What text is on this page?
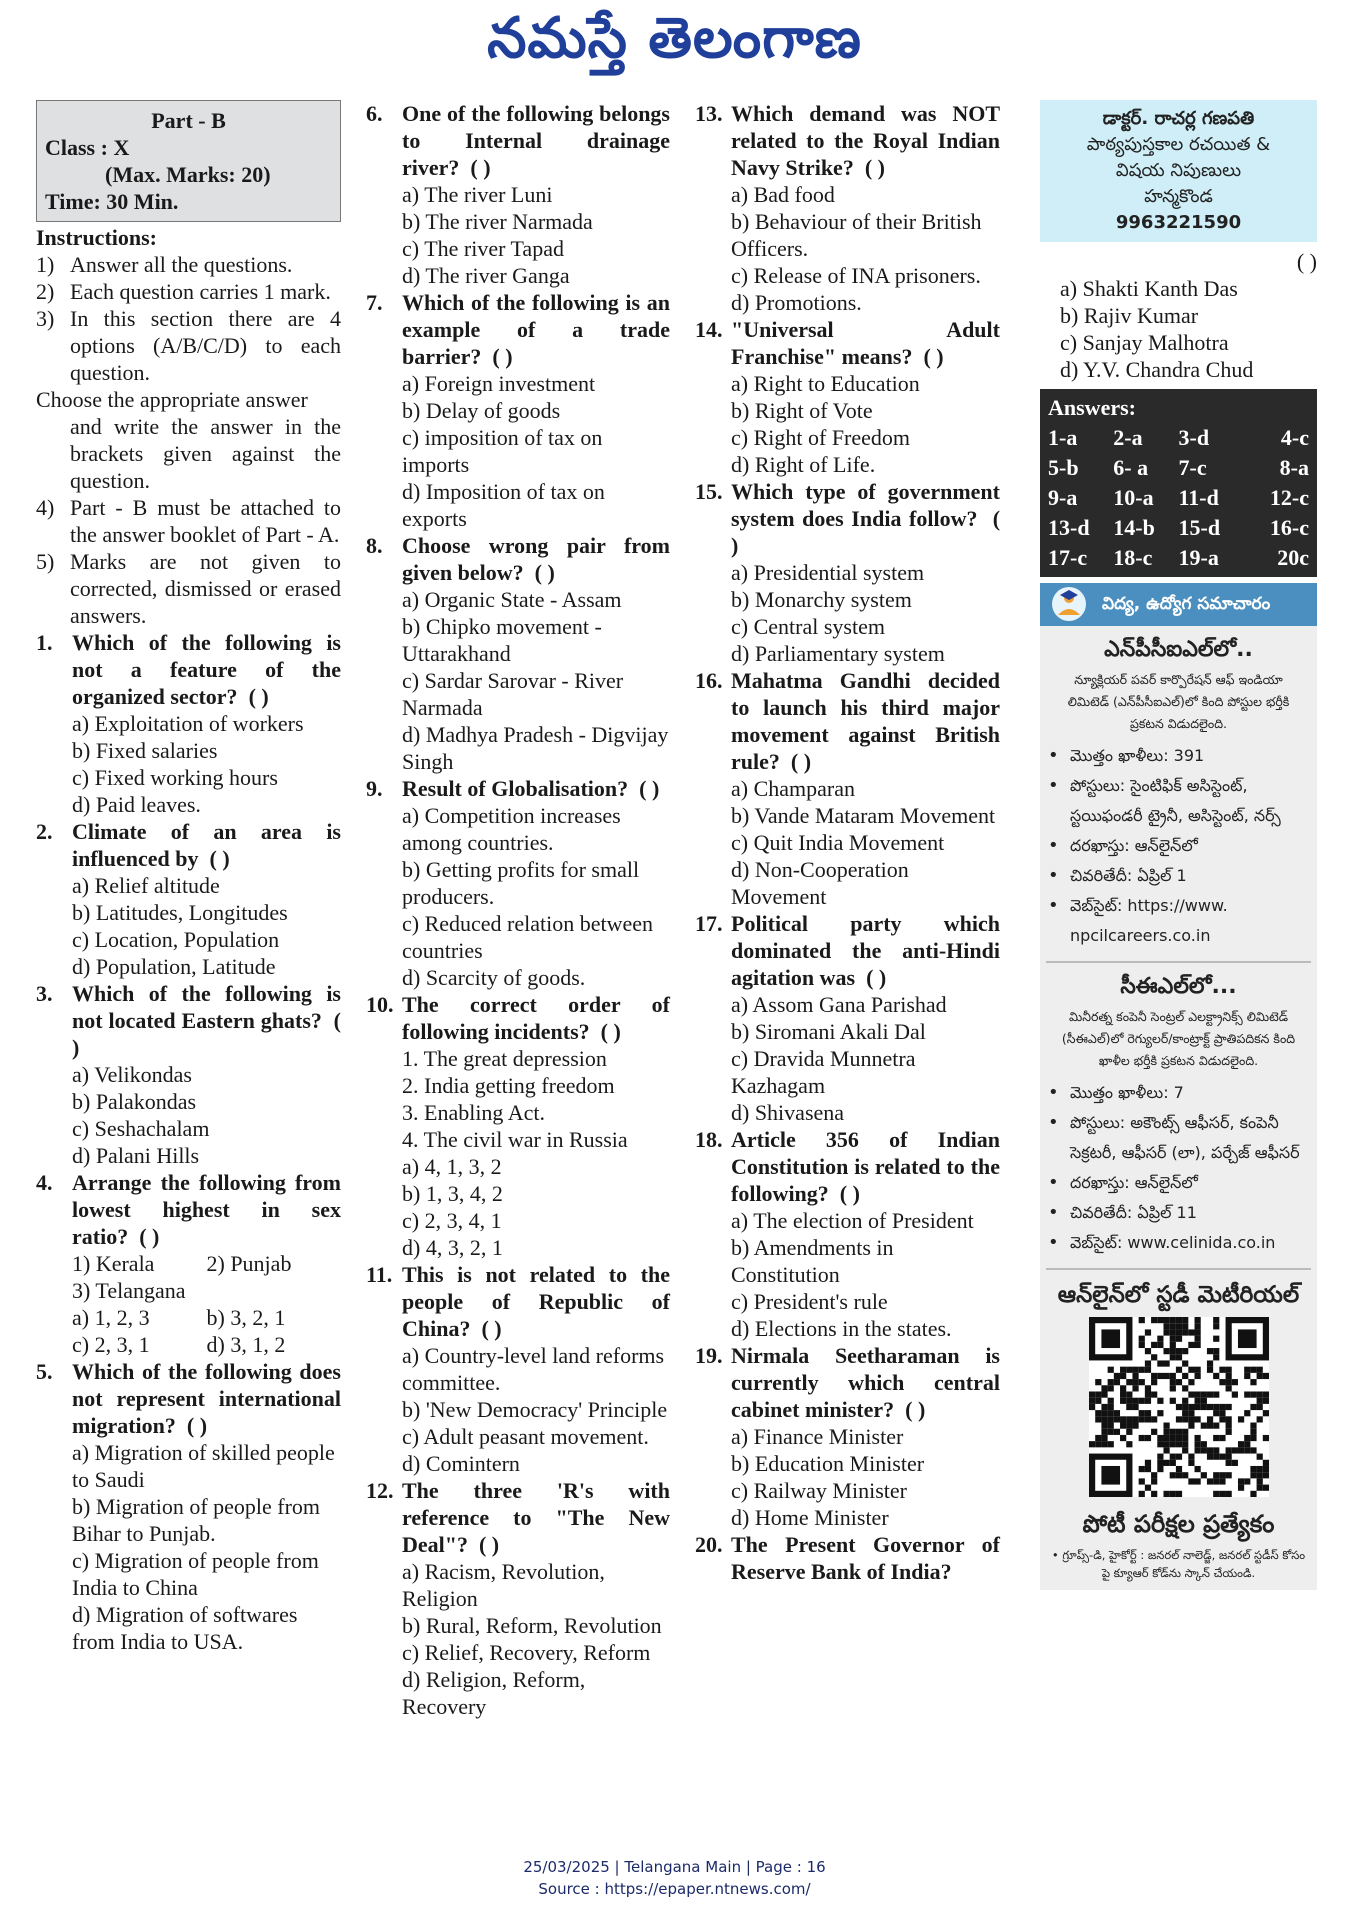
నమస్తే తెలంగాణ
Part - B
Class : X
(Max. Marks: 20)
Time: 30 Min.
Instructions:
1) Answer all the questions.
2) Each question carries 1 mark.
3) In this section there are 4 options (A/B/C/D) to each question.
Choose the appropriate answer
and write the answer in the brackets given against the question.
4) Part - B must be attached to the answer booklet of Part - A.
5) Marks are not given to corrected, dismissed or erased answers.
1. Which of the following is not a feature of the organized sector? ( )
a) Exploitation of workers
b) Fixed salaries
c) Fixed working hours
d) Paid leaves.
2. Climate of an area is influenced by ( )
a) Relief altitude
b) Latitudes, Longitudes
c) Location, Population
d) Population, Latitude
3. Which of the following is not located Eastern ghats? ( )
a) Velikondas
b) Palakondas
c) Seshachalam
d) Palani Hills
4. Arrange the following from lowest highest in sex ratio? ( )
1) Kerala	2) Punjab
3) Telangana
a) 1, 2, 3	b) 3, 2, 1
c) 2, 3, 1	d) 3, 1, 2
5. Which of the following does not represent international migration? ( )
a) Migration of skilled people to Saudi
b) Migration of people from Bihar to Punjab.
c) Migration of people from India to China
d) Migration of softwares from India to USA.
6. One of the following belongs to Internal drainage river? ( )
a) The river Luni
b) The river Narmada
c) The river Tapad
d) The river Ganga
7. Which of the following is an example of a trade barrier? ( )
a) Foreign investment
b) Delay of goods
c) imposition of tax on imports
d) Imposition of tax on exports
8. Choose wrong pair from given below? ( )
a) Organic State - Assam
b) Chipko movement - Uttarakhand
c) Sardar Sarovar - River Narmada
d) Madhya Pradesh - Digvijay Singh
9. Result of Globalisation? ( )
a) Competition increases among countries.
b) Getting profits for small producers.
c) Reduced relation between countries
d) Scarcity of goods.
10. The correct order of following incidents? ( )
1. The great depression
2. India getting freedom
3. Enabling Act.
4. The civil war in Russia
a) 4, 1, 3, 2
b) 1, 3, 4, 2
c) 2, 3, 4, 1
d) 4, 3, 2, 1
11. This is not related to the people of Republic of China? ( )
a) Country-level land reforms committee.
b) 'New Democracy' Principle
c) Adult peasant movement.
d) Comintern
12. The three 'R's with reference to "The New Deal"? ( )
a) Racism, Revolution, Religion
b) Rural, Reform, Revolution
c) Relief, Recovery, Reform
d) Religion, Reform, Recovery
13. Which demand was NOT related to the Royal Indian Navy Strike? ( )
a) Bad food
b) Behaviour of their British Officers.
c) Release of INA prisoners.
d) Promotions.
14. "Universal Adult Franchise" means? ( )
a) Right to Education
b) Right of Vote
c) Right of Freedom
d) Right of Life.
15. Which type of government system does India follow? ( )
a) Presidential system
b) Monarchy system
c) Central system
d) Parliamentary system
16. Mahatma Gandhi decided to launch his third major movement against British rule? ( )
a) Champaran
b) Vande Mataram Movement
c) Quit India Movement
d) Non-Cooperation Movement
17. Political party which dominated the anti-Hindi agitation was ( )
a) Assom Gana Parishad
b) Siromani Akali Dal
c) Dravida Munnetra Kazhagam
d) Shivasena
18. Article 356 of Indian Constitution is related to the following? ( )
a) The election of President
b) Amendments in Constitution
c) President's rule
d) Elections in the states.
19. Nirmala Seetharaman is currently which central cabinet minister? ( )
a) Finance Minister
b) Education Minister
c) Railway Minister
d) Home Minister
20. The Present Governor of Reserve Bank of India?
డాక్టర్. రాచర్ల గణపతి
పాఠ్యపుస్తకాల రచయిత &
విషయ నిపుణులు
హన్మకొండ
9963221590
( )
a) Shakti Kanth Das
b) Rajiv Kumar
c) Sanjay Malhotra
d) Y.V. Chandra Chud
Answers:
1-a	2-a	3-d	4-c
5-b	6- a	7-c	8-a
9-a	10-a	11-d	12-c
13-d	14-b	15-d	16-c
17-c	18-c	19-a	20c
విద్య, ఉద్యోగ సమాచారం
ఎన్‌పీసీఐఎల్‌లో..
న్యూక్లియర్ పవర్ కార్పొరేషన్ ఆఫ్ ఇండియా లిమిటెడ్ (ఎన్‌పీసీఐఎల్)లో కింది పోస్టుల భర్తీకి ప్రకటన విడుదలైంది.
• మొత్తం ఖాళీలు: 391
• పోస్టులు: సైంటిఫిక్ అసిస్టెంట్, స్టయిఫండరీ ట్రైనీ, అసిస్టెంట్, నర్స్
• దరఖాస్తు: ఆన్‌లైన్‌లో
• చివరితేదీ: ఏప్రిల్ 1
• వెబ్‌సైట్: https://www. npcilcareers.co.in
సీఈఎల్‌లో...
మినీరత్న కంపెనీ సెంట్రల్ ఎలక్ట్రానిక్స్ లిమిటెడ్ (సీఈఎల్)లో రెగ్యులర్/కాంట్రాక్ట్ ప్రాతిపదికన కింది ఖాళీల భర్తీకి ప్రకటన విడుదలైంది.
• మొత్తం ఖాళీలు: 7
• పోస్టులు: అకౌంట్స్ ఆఫీసర్, కంపెనీ సెక్రటరీ, ఆఫీసర్ (లా), పర్చేజ్ ఆఫీసర్
• దరఖాస్తు: ఆన్‌లైన్‌లో
• చివరితేదీ: ఏప్రిల్ 11
• వెబ్‌సైట్: www.celinida.co.in
ఆన్‌లైన్‌లో స్టడీ మెటీరియల్
పోటీ పరీక్షల ప్రత్యేకం
• గ్రూప్స్-డి, హైకోర్ట్ : జనరల్ నాలెడ్జ్, జనరల్ స్టడీస్ కోసం పై క్యూఆర్ కోడ్‌ను స్కాన్ చేయండి.
25/03/2025 | Telangana Main | Page : 16
Source : https://epaper.ntnews.com/
